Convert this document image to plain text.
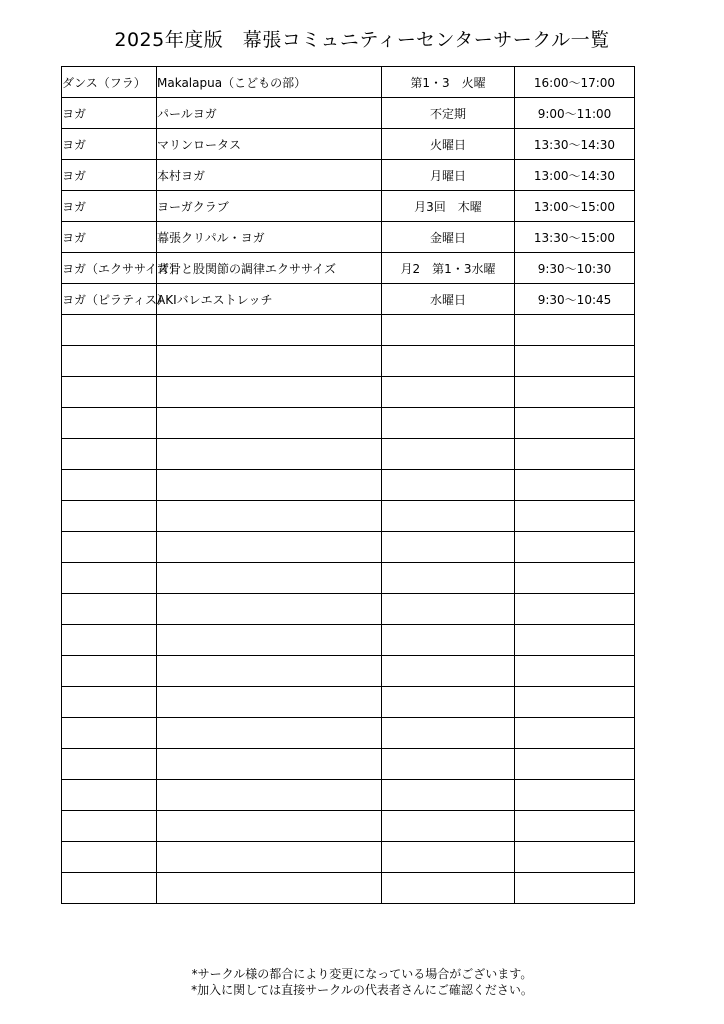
2025年度版　幕張コミュニティーセンターサークル一覧
ダンス（フラ）	Makalapua（こどもの部）	第1・3　火曜	16:00〜17:00
ヨガ	パールヨガ	不定期	9:00〜11:00
ヨガ	マリンロータス	火曜日	13:30〜14:30
ヨガ	本村ヨガ	月曜日	13:00〜14:30
ヨガ	ヨーガクラブ	月3回　木曜	13:00〜15:00
ヨガ	幕張クリパル・ヨガ	金曜日	13:30〜15:00
ヨガ（エクササイズ）	背骨と股関節の調律エクササイズ	月2　第1・3水曜	9:30〜10:30
ヨガ（ピラティス）	AKIバレエストレッチ	水曜日	9:30〜10:45

*サークル様の都合により変更になっている場合がございます。
*加入に関しては直接サークルの代表者さんにご確認ください。
